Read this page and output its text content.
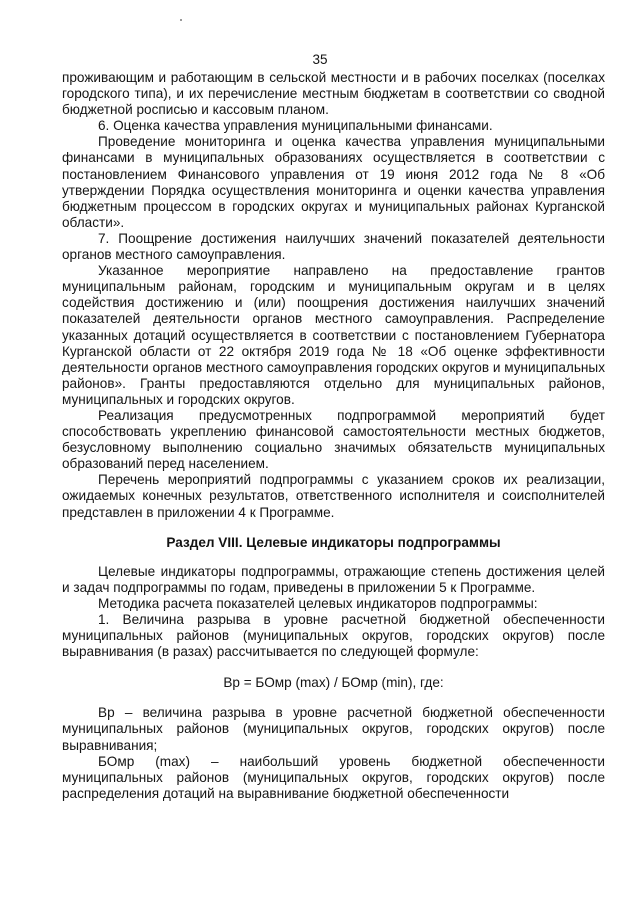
35

проживающим и работающим в сельской местности и в рабочих поселках (поселках городского типа), и их перечисление местным бюджетам в соответствии со сводной бюджетной росписью и кассовым планом.

6. Оценка качества управления муниципальными финансами.

Проведение мониторинга и оценка качества управления муниципальными финансами в муниципальных образованиях осуществляется в соответствии с постановлением Финансового управления от 19 июня 2012 года № 8 «Об утверждении Порядка осуществления мониторинга и оценки качества управления бюджетным процессом в городских округах и муниципальных районах Курганской области».

7. Поощрение достижения наилучших значений показателей деятельности органов местного самоуправления.

Указанное мероприятие направлено на предоставление грантов муниципальным районам, городским и муниципальным округам и в целях содействия достижению и (или) поощрения достижения наилучших значений показателей деятельности органов местного самоуправления. Распределение указанных дотаций осуществляется в соответствии с постановлением Губернатора Курганской области от 22 октября 2019 года № 18 «Об оценке эффективности деятельности органов местного самоуправления городских округов и муниципальных районов». Гранты предоставляются отдельно для муниципальных районов, муниципальных и городских округов.

Реализация предусмотренных подпрограммой мероприятий будет способствовать укреплению финансовой самостоятельности местных бюджетов, безусловному выполнению социально значимых обязательств муниципальных образований перед населением.

Перечень мероприятий подпрограммы с указанием сроков их реализации, ожидаемых конечных результатов, ответственного исполнителя и соисполнителей представлен в приложении 4 к Программе.

Раздел VIII. Целевые индикаторы подпрограммы

Целевые индикаторы подпрограммы, отражающие степень достижения целей и задач подпрограммы по годам, приведены в приложении 5 к Программе.

Методика расчета показателей целевых индикаторов подпрограммы:

1. Величина разрыва в уровне расчетной бюджетной обеспеченности муниципальных районов (муниципальных округов, городских округов) после выравнивания (в разах) рассчитывается по следующей формуле:

Вр = БОмр (max) / БОмр (min), где:

Вр – величина разрыва в уровне расчетной бюджетной обеспеченности муниципальных районов (муниципальных округов, городских округов) после выравнивания;

БОмр (max) – наибольший уровень бюджетной обеспеченности муниципальных районов (муниципальных округов, городских округов) после распределения дотаций на выравнивание бюджетной обеспеченности
